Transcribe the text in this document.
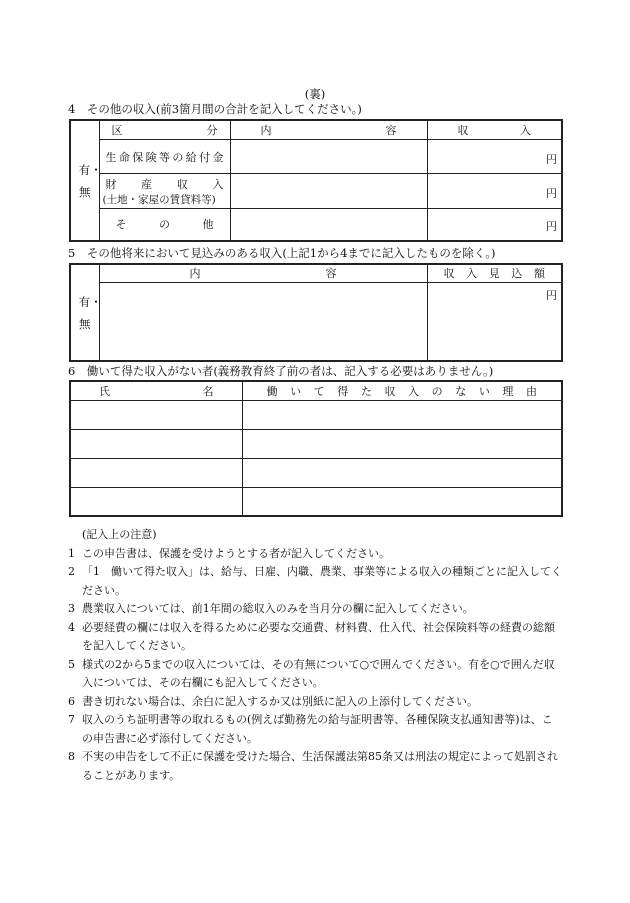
(裏)
4　その他の収入(前3箇月間の合計を記入してください。)
有・無	区　　　分	内　　　　　　容	収　　　入

	生命保険等の給付金		円

	財　産　収　入
(土地・家屋の賃貸料等)		円

	そ　の　他		円
5　その他将来において見込みのある収入(上記1から4までに記入したものを除く。)
有・無	内　　　　　　容	収入見込額

		円
6　働いて得た収入がない者(義務教育終了前の者は、記入する必要はありません。)
氏　　　　名	働いて得た収入のない理由

(記入上の注意)
1 この申告書は、保護を受けようとする者が記入してください。
2 「1　働いて得た収入」は、給与、日雇、内職、農業、事業等による収入の種類ごとに記入してください。
3 農業収入については、前1年間の総収入のみを当月分の欄に記入してください。
4 必要経費の欄には収入を得るために必要な交通費、材料費、仕入代、社会保険料等の経費の総額を記入してください。
5 様式の2から5までの収入については、その有無について○で囲んでください。有を○で囲んだ収入については、その右欄にも記入してください。
6 書き切れない場合は、余白に記入するか又は別紙に記入の上添付してください。
7 収入のうち証明書等の取れるもの(例えば勤務先の給与証明書等、各種保険支払通知書等)は、この申告書に必ず添付してください。
8 不実の申告をして不正に保護を受けた場合、生活保護法第85条又は刑法の規定によって処罰されることがあります。
